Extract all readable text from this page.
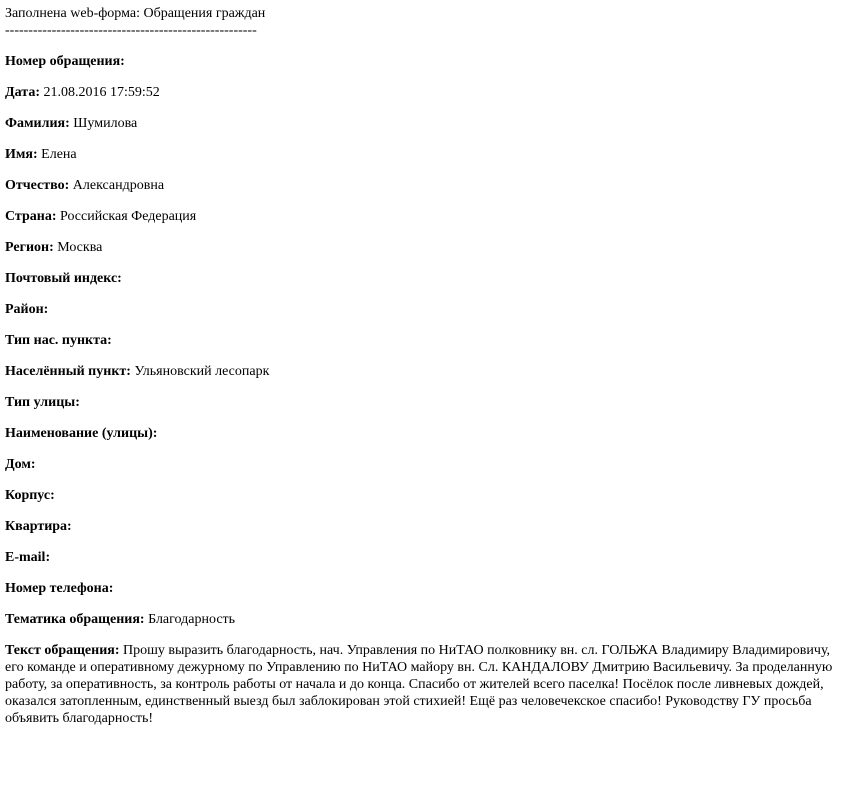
Заполнена web-форма: Обращения граждан
------------------------------------------------------
Номер обращения:
Дата: 21.08.2016 17:59:52
Фамилия: Шумилова
Имя: Елена
Отчество: Александровна
Страна: Российская Федерация
Регион: Москва
Почтовый индекс:
Район:
Тип нас. пункта:
Населённый пункт: Ульяновский лесопарк
Тип улицы:
Наименование (улицы):
Дом:
Корпус:
Квартира:
E-mail:
Номер телефона:
Тематика обращения: Благодарность
Текст обращения: Прошу выразить благодарность, нач. Управления по НиТАО полковнику вн. сл. ГОЛЬЖА Владимиру Владимировичу, его команде и оперативному дежурному по Управлению по НиТАО майору вн. Сл. КАНДАЛОВУ Дмитрию Васильевичу. За проделанную работу, за оперативность, за контроль работы от начала и до конца. Спасибо от жителей всего пaселка! Посёлок после ливневых дождей, оказался затопленным, единственный выезд был заблокирован этой стихией! Ещё раз человечекское спасибо! Руководству ГУ просьба объявить благодарность!
